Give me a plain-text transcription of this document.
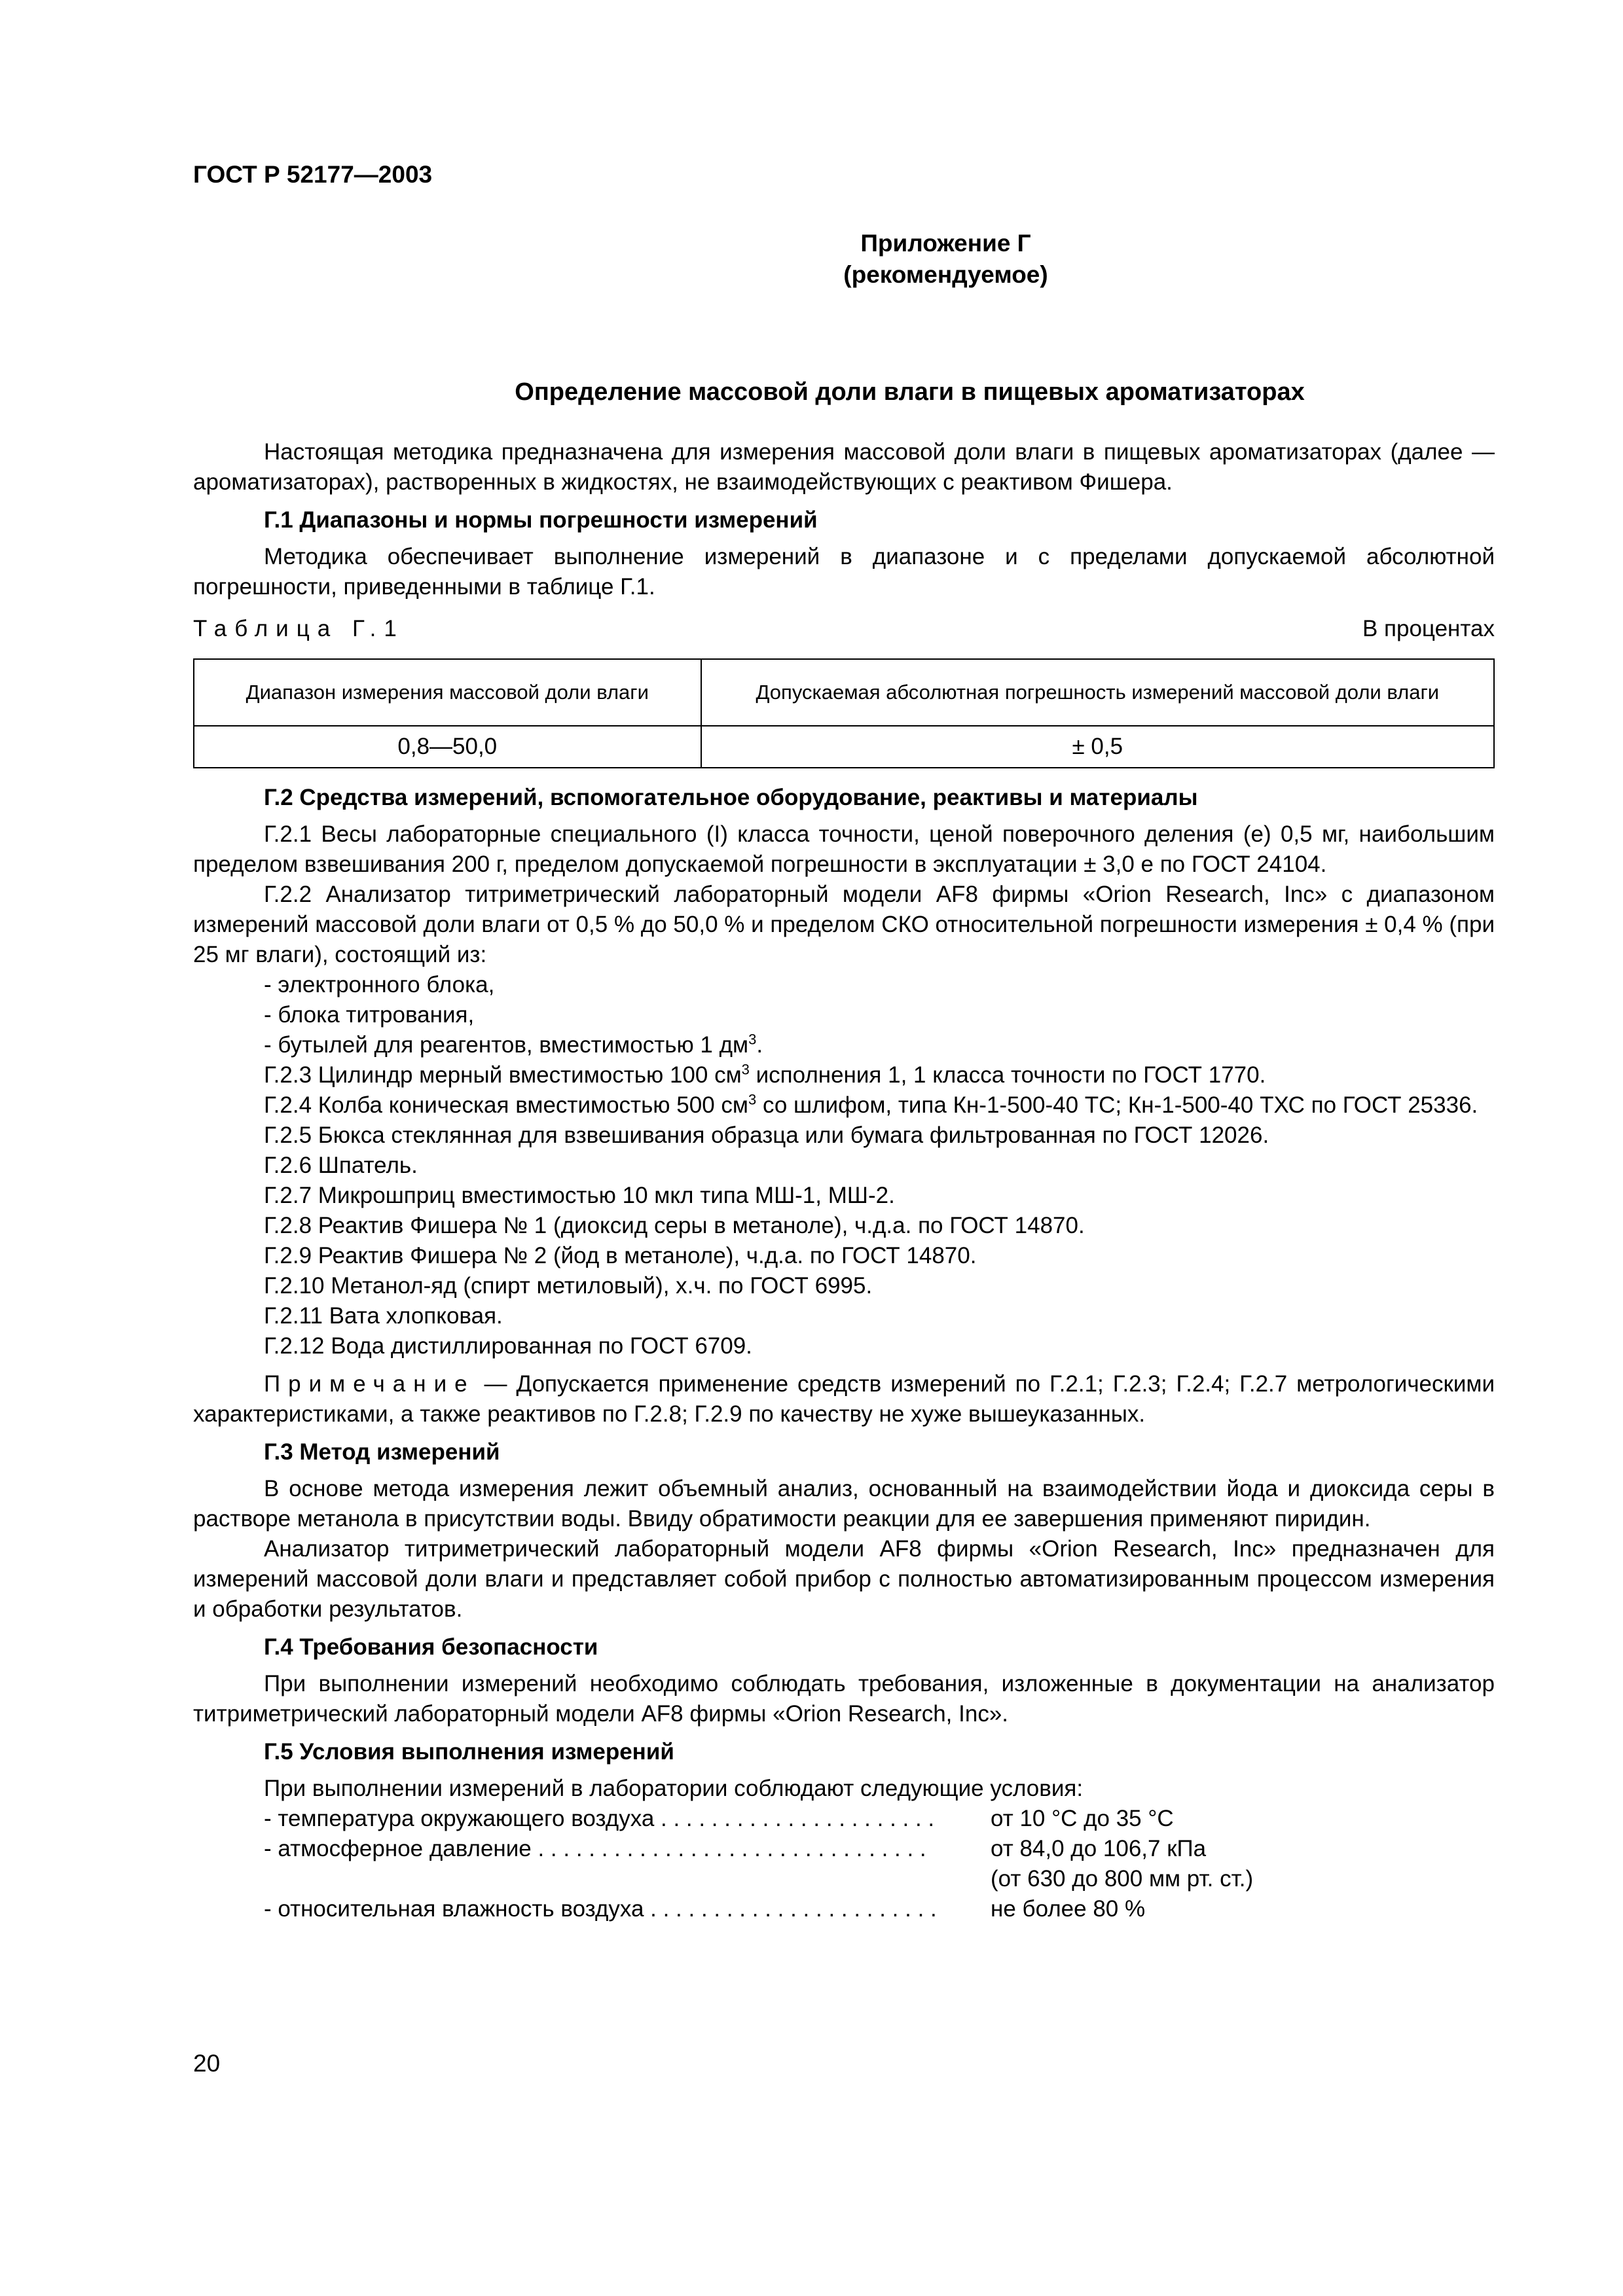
ГОСТ Р 52177—2003
Приложение Г
(рекомендуемое)
Определение массовой доли влаги в пищевых ароматизаторах

Настоящая методика предназначена для измерения массовой доли влаги в пищевых ароматизаторах (далее — ароматизаторах), растворенных в жидкостях, не взаимодействующих с реактивом Фишера.

Г.1 Диапазоны и нормы погрешности измерений

Методика обеспечивает выполнение измерений в диапазоне и с пределами допускаемой абсолютной погрешности, приведенными в таблице Г.1.

Таблица Г.1	В процентах
Диапазон измерения массовой доли влаги	Допускаемая абсолютная погрешность измерений массовой доли влаги
0,8—50,0	± 0,5
Г.2 Средства измерений, вспомогательное оборудование, реактивы и материалы

Г.2.1 Весы лабораторные специального (I) класса точности, ценой поверочного деления (е) 0,5 мг, наибольшим пределом взвешивания 200 г, пределом допускаемой погрешности в эксплуатации ± 3,0 е по ГОСТ 24104.

Г.2.2 Анализатор титриметрический лабораторный модели AF8 фирмы «Orion Research, Inc» с диапазоном измерений массовой доли влаги от 0,5 % до 50,0 % и пределом СКО относительной погрешности измерения ± 0,4 % (при 25 мг влаги), состоящий из:

- электронного блока,
- блока титрования,
- бутылей для реагентов, вместимостью 1 $дм^3$.

Г.2.3 Цилиндр мерный вместимостью 100 $см^3$ исполнения 1, 1 класса точности по ГОСТ 1770.

Г.2.4 Колба коническая вместимостью 500 $см^3$ со шлифом, типа Кн-1-500-40 ТС; Кн-1-500-40 ТХС по ГОСТ 25336.

Г.2.5 Бюкса стеклянная для взвешивания образца или бумага фильтрованная по ГОСТ 12026.

Г.2.6 Шпатель.

Г.2.7 Микрошприц вместимостью 10 мкл типа МШ-1, МШ-2.

Г.2.8 Реактив Фишера № 1 (диоксид серы в метаноле), ч.д.а. по ГОСТ 14870.

Г.2.9 Реактив Фишера № 2 (йод в метаноле), ч.д.а. по ГОСТ 14870.

Г.2.10 Метанол-яд (спирт метиловый), х.ч. по ГОСТ 6995.

Г.2.11 Вата хлопковая.

Г.2.12 Вода дистиллированная по ГОСТ 6709.

Примечание — Допускается применение средств измерений по Г.2.1; Г.2.3; Г.2.4; Г.2.7 метрологическими характеристиками, а также реактивов по Г.2.8; Г.2.9 по качеству не хуже вышеуказанных.

Г.3 Метод измерений

В основе метода измерения лежит объемный анализ, основанный на взаимодействии йода и диоксида серы в растворе метанола в присутствии воды. Ввиду обратимости реакции для ее завершения применяют пиридин.

Анализатор титриметрический лабораторный модели AF8 фирмы «Orion Research, Inc» предназначен для измерений массовой доли влаги и представляет собой прибор с полностью автоматизированным процессом измерения и обработки результатов.

Г.4 Требования безопасности

При выполнении измерений необходимо соблюдать требования, изложенные в документации на анализатор титриметрический лабораторный модели AF8 фирмы «Orion Research, Inc».

Г.5 Условия выполнения измерений

При выполнении измерений в лаборатории соблюдают следующие условия:

- температура окружающего воздуха . . . . . . . . . . . . . . . . . . . . . .	от 10 °С до 35 °С
- атмосферное давление . . . . . . . . . . . . . . . . . . . . . . . . . . . . . . .	от 84,0 до 106,7 кПа
(от 630 до 800 мм рт. ст.)
- относительная влажность воздуха . . . . . . . . . . . . . . . . . . . . . . .	не более 80 %
20
